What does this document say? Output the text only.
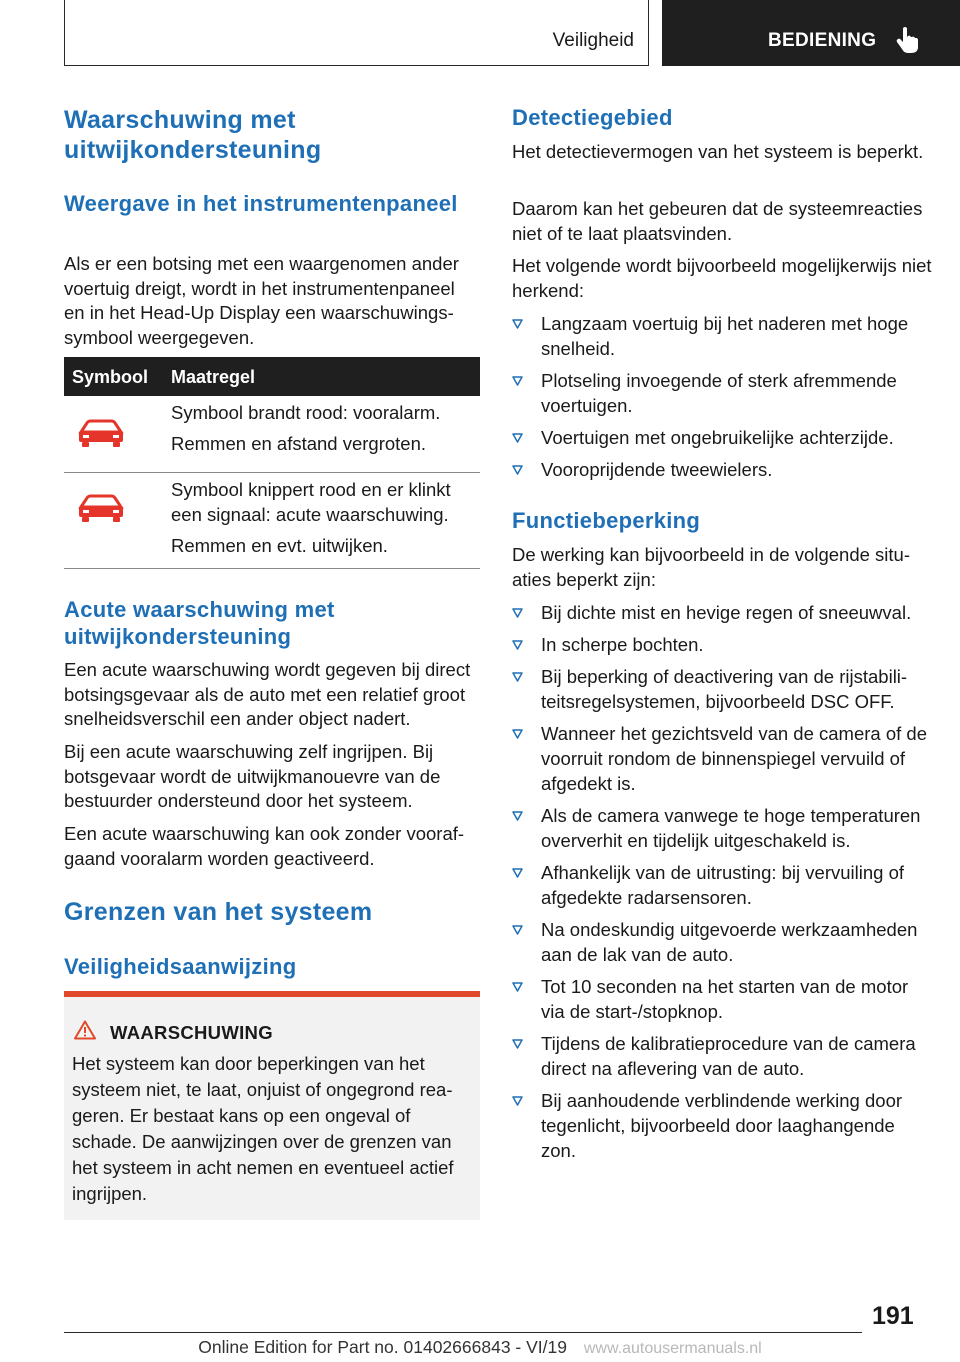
Veiligheid	BEDIENING
Waarschuwing met uitwijkondersteuning
Weergave in het instrumentenpaneel
Als er een botsing met een waargenomen ander voertuig dreigt, wordt in het instrumentenpaneel en in het Head-Up Display een waarschuwingssymbool weergegeven.
Symbool Maatregel
Symbool brandt rood: vooralarm.
Remmen en afstand vergroten.
Symbool knippert rood en er klinkt een signaal: acute waarschuwing.
Remmen en evt. uitwijken.
Acute waarschuwing met uitwijkondersteuning
Een acute waarschuwing wordt gegeven bij direct botsingsgevaar als de auto met een relatief groot snelheidsverschil een ander object nadert.
Bij een acute waarschuwing zelf ingrijpen. Bij botsgevaar wordt de uitwijkmanouevre van de bestuurder ondersteund door het systeem.
Een acute waarschuwing kan ook zonder voorafgaand vooralarm worden geactiveerd.
Grenzen van het systeem
Veiligheidsaanwijzing
WAARSCHUWING
Het systeem kan door beperkingen van het systeem niet, te laat, onjuist of ongegrond reageren. Er bestaat kans op een ongeval of schade. De aanwijzingen over de grenzen van het systeem in acht nemen en eventueel actief ingrijpen.
Detectiegebied
Het detectievermogen van het systeem is beperkt.
Daarom kan het gebeuren dat de systeemreacties niet of te laat plaatsvinden.
Het volgende wordt bijvoorbeeld mogelijkerwijs niet herkend:
Langzaam voertuig bij het naderen met hoge snelheid.
Plotseling invoegende of sterk afremmende voertuigen.
Voertuigen met ongebruikelijke achterzijde.
Vooroprijdende tweewielers.
Functiebeperking
De werking kan bijvoorbeeld in de volgende situaties beperkt zijn:
Bij dichte mist en hevige regen of sneeuwval.
In scherpe bochten.
Bij beperking of deactivering van de rijstabiliteitsregelsystemen, bijvoorbeeld DSC OFF.
Wanneer het gezichtsveld van de camera of de voorruit rondom de binnenspiegel vervuild of afgedekt is.
Als de camera vanwege te hoge temperaturen oververhit en tijdelijk uitgeschakeld is.
Afhankelijk van de uitrusting: bij vervuiling of afgedekte radarsensoren.
Na ondeskundig uitgevoerde werkzaamheden aan de lak van de auto.
Tot 10 seconden na het starten van de motor via de start-/stopknop.
Tijdens de kalibratieprocedure van de camera direct na aflevering van de auto.
Bij aanhoudende verblindende werking door tegenlicht, bijvoorbeeld door laaghangende zon.
191
Online Edition for Part no. 01402666843 - VI/19 www.autousermanuals.nl
